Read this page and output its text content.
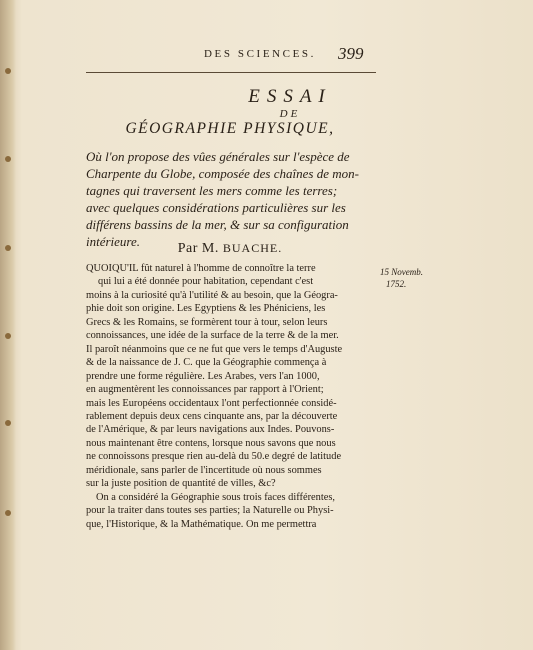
DES SCIENCES.	399
ESSAI
DE
GÉOGRAPHIE PHYSIQUE,
Où l'on propose des vûes générales sur l'espèce de
Charpente du Globe, composée des chaînes de mon-
tagnes qui traversent les mers comme les terres;
avec quelques considérations particulières sur les
différens bassins de la mer, & sur sa configuration
intérieure.	Par M. BUACHE.
15 Novemb.
1752.
QUOIQU'IL fût naturel à l'homme de connoître la terre
qui lui a été donnée pour habitation, cependant c'est
moins à la curiosité qu'à l'utilité & au besoin, que la Géogra-
phie doit son origine. Les Egyptiens & les Phéniciens, les
Grecs & les Romains, se formèrent tour à tour, selon leurs
connoissances, une idée de la surface de la terre & de la mer.
Il paroît néanmoins que ce ne fut que vers le temps d'Auguste
& de la naissance de J. C. que la Géographie commença à
prendre une forme régulière. Les Arabes, vers l'an 1000,
en augmentèrent les connoissances par rapport à l'Orient;
mais les Européens occidentaux l'ont perfectionnée considé-
rablement depuis deux cens cinquante ans, par la découverte
de l'Amérique, & par leurs navigations aux Indes. Pouvons-
nous maintenant être contens, lorsque nous savons que nous
ne connoissons presque rien au-delà du 50.e degré de latitude
méridionale, sans parler de l'incertitude où nous sommes
sur la juste position de quantité de villes, &c?
On a considéré la Géographie sous trois faces différentes,
pour la traiter dans toutes ses parties; la Naturelle ou Physi-
que, l'Historique, & la Mathématique. On me permettra
